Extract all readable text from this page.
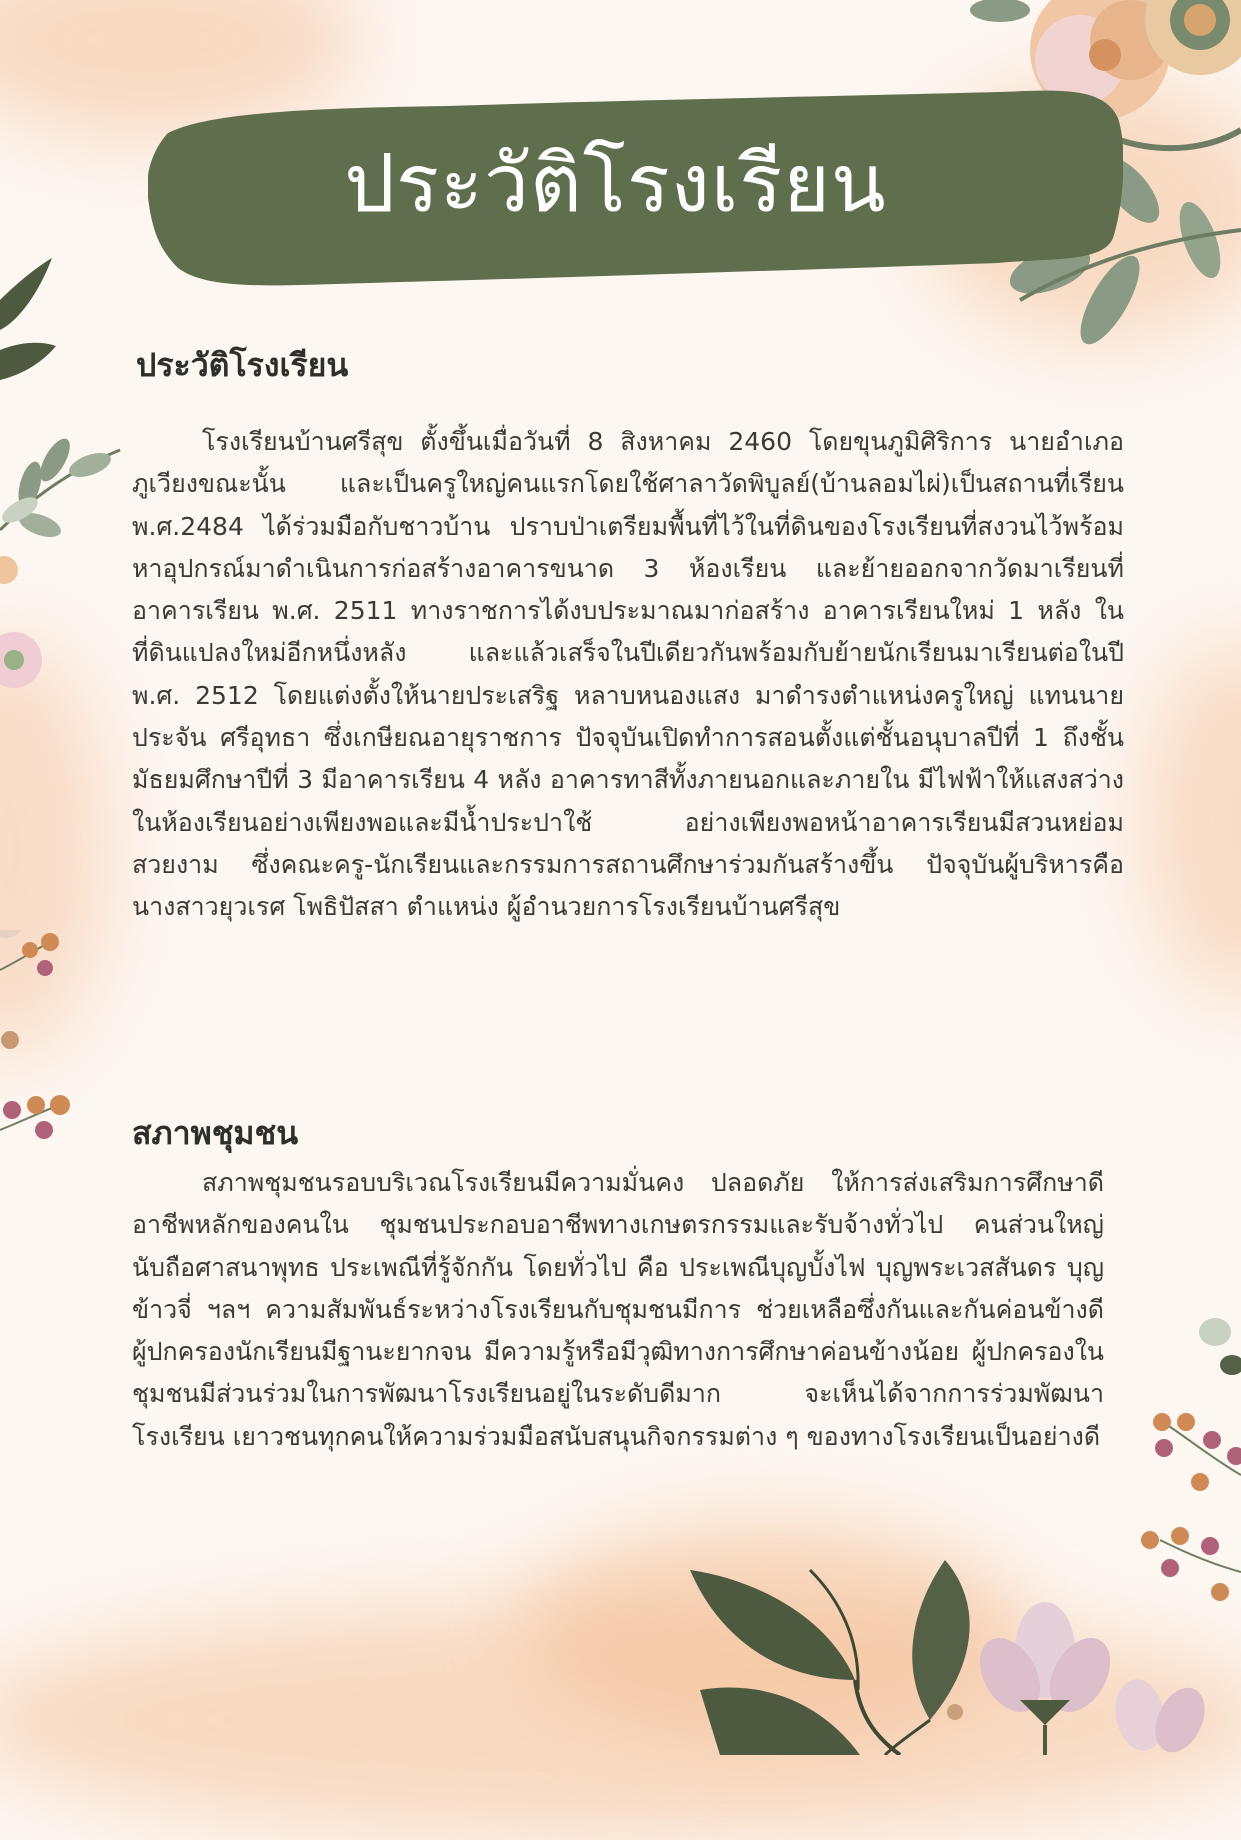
ประวัติโรงเรียน
ประวัติโรงเรียน
โรงเรียนบ้านศรีสุข ตั้งขึ้นเมื่อวันที่ 8 สิงหาคม 2460 โดยขุนภูมิศิริการ นายอำเภอภูเวียงขณะนั้น และเป็นครูใหญ่คนแรกโดยใช้ศาลาวัดพิบูลย์(บ้านลอมไผ่)เป็นสถานที่เรียน พ.ศ.2484 ได้ร่วมมือกับชาวบ้าน ปราบป่าเตรียมพื้นที่ไว้ในที่ดินของโรงเรียนที่สงวนไว้พร้อมหาอุปกรณ์มาดำเนินการก่อสร้างอาคารขนาด 3 ห้องเรียน และย้ายออกจากวัดมาเรียนที่อาคารเรียน พ.ศ. 2511 ทางราชการได้งบประมาณมาก่อสร้าง อาคารเรียนใหม่ 1 หลัง ในที่ดินแปลงใหม่อีกหนึ่งหลัง และแล้วเสร็จในปีเดียวกันพร้อมกับย้ายนักเรียนมาเรียนต่อในปี พ.ศ. 2512 โดยแต่งตั้งให้นายประเสริฐ หลาบหนองแสง มาดำรงตำแหน่งครูใหญ่ แทนนายประจัน ศรีอุทธา ซึ่งเกษียณอายุราชการ ปัจจุบันเปิดทำการสอนตั้งแต่ชั้นอนุบาลปีที่ 1 ถึงชั้นมัธยมศึกษาปีที่ 3 มีอาคารเรียน 4 หลัง อาคารทาสีทั้งภายนอกและภายใน มีไฟฟ้าให้แสงสว่างในห้องเรียนอย่างเพียงพอและมีน้ำประปาใช้ อย่างเพียงพอหน้าอาคารเรียนมีสวนหย่อมสวยงาม ซึ่งคณะครู-นักเรียนและกรรมการสถานศึกษาร่วมกันสร้างขึ้น ปัจจุบันผู้บริหารคือ นางสาวยุวเรศ โพธิปัสสา ตำแหน่ง ผู้อำนวยการโรงเรียนบ้านศรีสุข
สภาพชุมชน
สภาพชุมชนรอบบริเวณโรงเรียนมีความมั่นคง ปลอดภัย ให้การส่งเสริมการศึกษาดี อาชีพหลักของคนใน ชุมชนประกอบอาชีพทางเกษตรกรรมและรับจ้างทั่วไป คนส่วนใหญ่นับถือศาสนาพุทธ ประเพณีที่รู้จักกัน โดยทั่วไป คือ ประเพณีบุญบั้งไฟ บุญพระเวสสันดร บุญข้าวจี่ ฯลฯ ความสัมพันธ์ระหว่างโรงเรียนกับชุมชนมีการ ช่วยเหลือซึ่งกันและกันค่อนข้างดี ผู้ปกครองนักเรียนมีฐานะยากจน มีความรู้หรือมีวุฒิทางการศึกษาค่อนข้างน้อย ผู้ปกครองในชุมชนมีส่วนร่วมในการพัฒนาโรงเรียนอยู่ในระดับดีมาก จะเห็นได้จากการร่วมพัฒนาโรงเรียน เยาวชนทุกคนให้ความร่วมมือสนับสนุนกิจกรรมต่าง ๆ ของทางโรงเรียนเป็นอย่างดี
